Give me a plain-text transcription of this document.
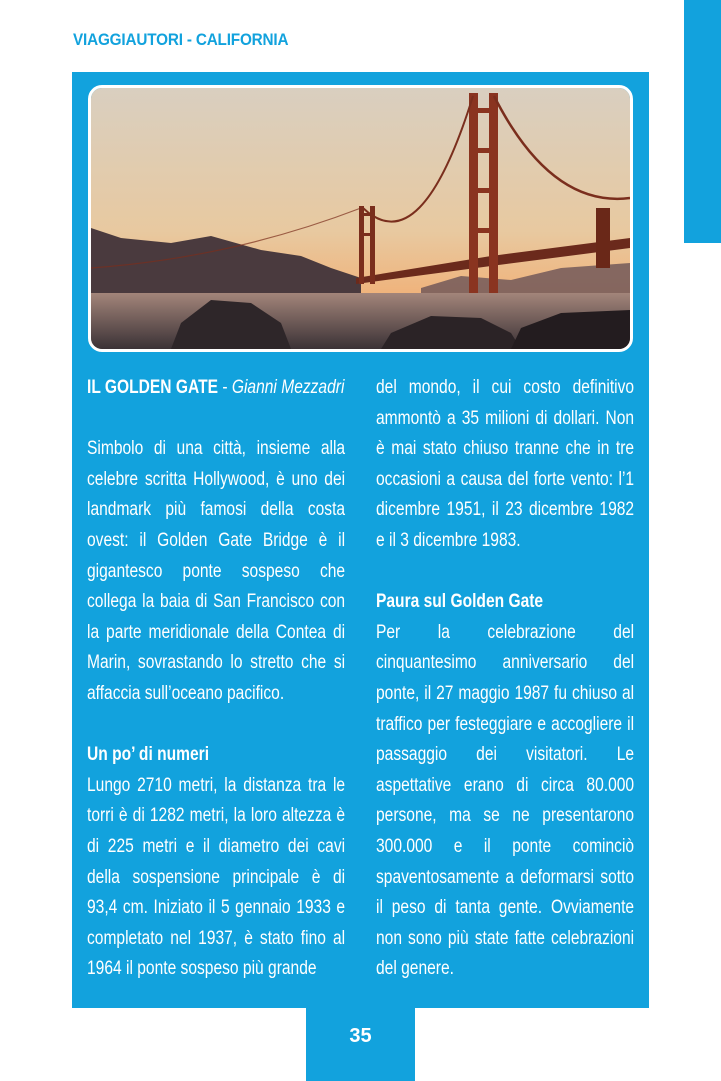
VIAGGIAUTORI - CALIFORNIA

IL GOLDEN GATE - Gianni Mezzadri

Simbolo di una città, insieme alla celebre scritta Hollywood, è uno dei landmark più famosi della costa ovest: il Golden Gate Bridge è il gigantesco ponte sospeso che collega la baia di San Francisco con la parte meridionale della Contea di Marin, sovrastando lo stretto che si affaccia sull’oceano pacifico.

Un po’ di numeri

Lungo 2710 metri, la distanza tra le torri è di 1282 metri, la loro altezza è di 225 metri e il diametro dei cavi della sospensione principale è di 93,4 cm. Iniziato il 5 gennaio 1933 e completato nel 1937, è stato fino al 1964 il ponte sospeso più grande

del mondo, il cui costo definitivo ammontò a 35 milioni di dollari. Non è mai stato chiuso tranne che in tre occasioni a causa del forte vento: l’1 dicembre 1951, il 23 dicembre 1982 e il 3 dicembre 1983.

Paura sul Golden Gate

Per la celebrazione del cinquantesimo anniversario del ponte, il 27 maggio 1987 fu chiuso al traffico per festeggiare e accogliere il passaggio dei visitatori. Le aspettative erano di circa 80.000 persone, ma se ne presentarono 300.000 e il ponte cominciò spaventosamente a deformarsi sotto il peso di tanta gente. Ovviamente non sono più state fatte celebrazioni del genere.

35
